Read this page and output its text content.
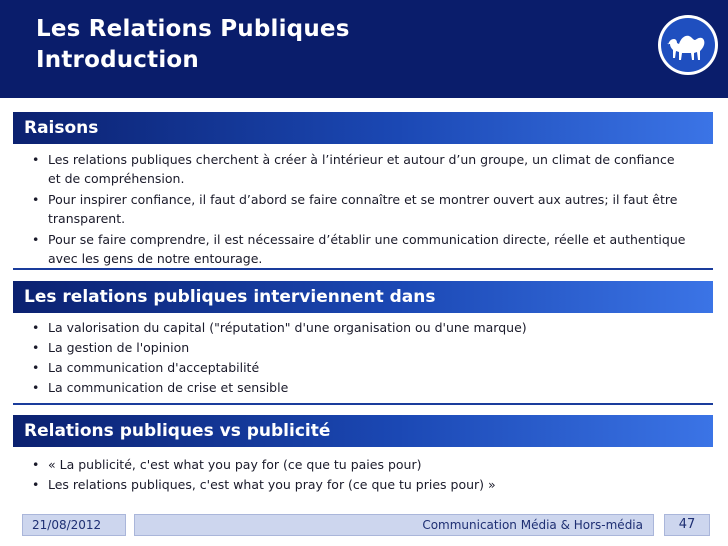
Les Relations Publiques
Introduction
Raisons
• Les relations publiques cherchent à créer à l’intérieur et autour d’un groupe, un climat de confiance et de compréhension.
• Pour inspirer confiance, il faut d’abord se faire connaître et se montrer ouvert aux autres; il faut être transparent.
• Pour se faire comprendre, il est nécessaire d’établir une communication directe, réelle et authentique avec les gens de notre entourage.
Les relations publiques interviennent dans
• La valorisation du capital ("réputation" d'une organisation ou d'une marque)
• La gestion de l'opinion
• La communication d'acceptabilité
• La communication de crise et sensible
Relations publiques vs publicité
• « La publicité, c'est what you pay for (ce que tu paies pour)
• Les relations publiques, c'est what you pray for (ce que tu pries pour) »
21/08/2012	Communication Média & Hors-média	47
